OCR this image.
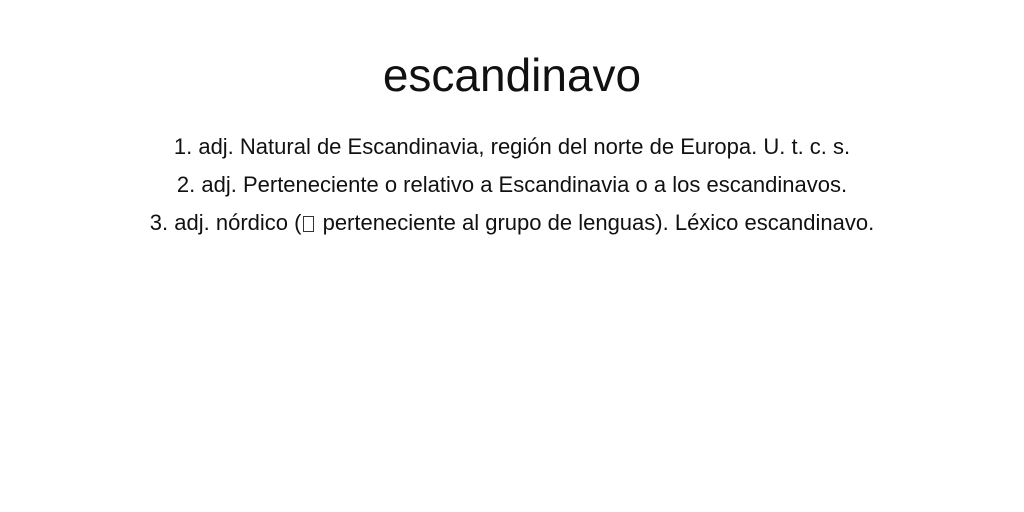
escandinavo
1. adj. Natural de Escandinavia, región del norte de Europa. U. t. c. s.
2. adj. Perteneciente o relativo a Escandinavia o a los escandinavos.
3. adj. nórdico ( perteneciente al grupo de lenguas). Léxico escandinavo.
